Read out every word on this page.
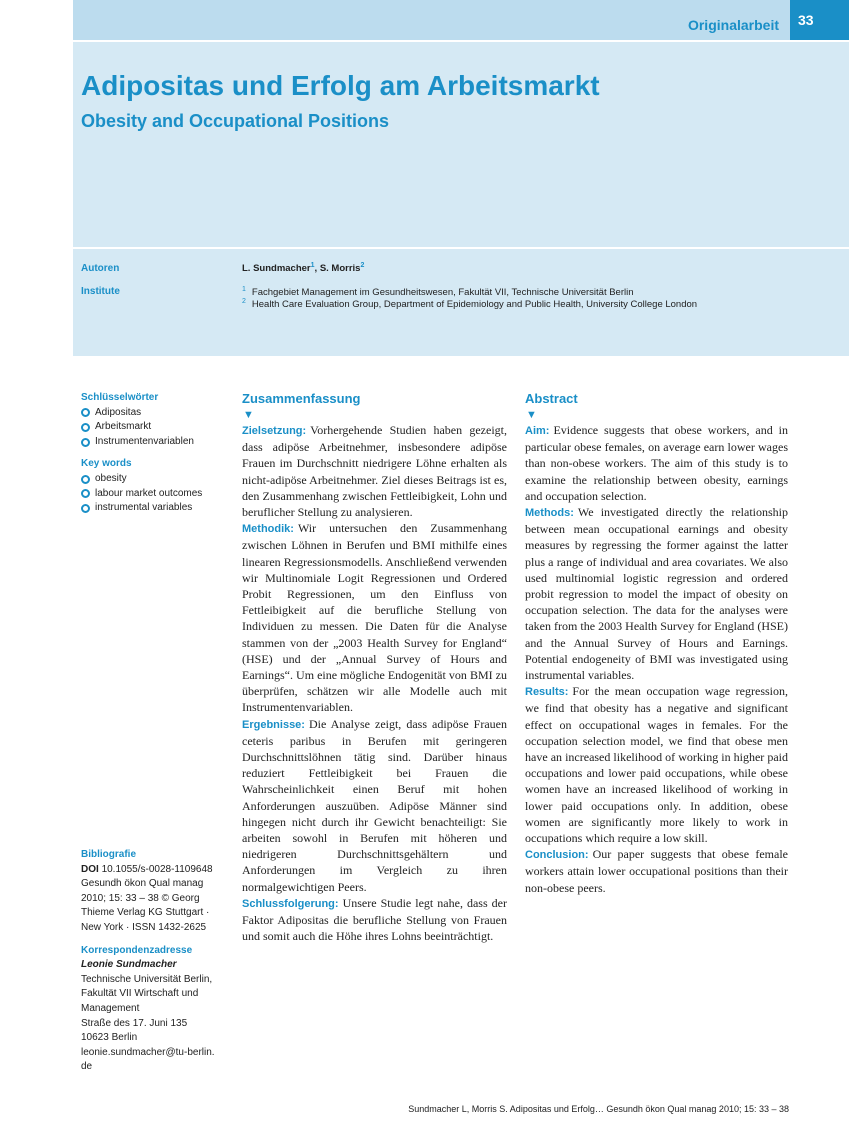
Originalarbeit	33
Adipositas und Erfolg am Arbeitsmarkt
Obesity and Occupational Positions
Autoren	L. Sundmacher$^1$, S. Morris$^2$
Institute	$^1$ Fachgebiet Management im Gesundheitswesen, Fakultät VII, Technische Universität Berlin
$^2$ Health Care Evaluation Group, Department of Epidemiology and Public Health, University College London
Schlüsselwörter
Adipositas
Arbeitsmarkt
Instrumentenvariablen
Key words
obesity
labour market outcomes
instrumental variables
Bibliografie
DOI 10.1055/s-0028-1109648
Gesundh ökon Qual manag
2010; 15: 33 – 38 © Georg
Thieme Verlag KG Stuttgart ·
New York · ISSN 1432-2625
Korrespondenzadresse
Leonie Sundmacher
Technische Universität Berlin,
Fakultät VII Wirtschaft und
Management
Straße des 17. Juni 135
10623 Berlin
leonie.sundmacher@tu-berlin.
de
Zusammenfassung
▼

Zielsetzung: Vorhergehende Studien haben gezeigt, dass adipöse Arbeitnehmer, insbesondere adipöse Frauen im Durchschnitt niedrigere Löhne erhalten als nicht-adipöse Arbeitnehmer. Ziel dieses Beitrags ist es, den Zusammenhang zwischen Fettleibigkeit, Lohn und beruflicher Stellung zu analysieren.

Methodik: Wir untersuchen den Zusammenhang zwischen Löhnen in Berufen und BMI mithilfe eines linearen Regressionsmodells. Anschließend verwenden wir Multinomiale Logit Regressionen und Ordered Probit Regressionen, um den Einfluss von Fettleibigkeit auf die berufliche Stellung von Individuen zu messen. Die Daten für die Analyse stammen von der „2003 Health Survey for England“ (HSE) und der „Annual Survey of Hours and Earnings“. Um eine mögliche Endogenität von BMI zu überprüfen, schätzen wir alle Modelle auch mit Instrumentenvariablen.

Ergebnisse: Die Analyse zeigt, dass adipöse Frauen ceteris paribus in Berufen mit geringeren Durchschnittslöhnen tätig sind. Darüber hinaus reduziert Fettleibigkeit bei Frauen die Wahrscheinlichkeit einen Beruf mit hohen Anforderungen auszuüben. Adipöse Männer sind hingegen nicht durch ihr Gewicht benachteiligt: Sie arbeiten sowohl in Berufen mit höheren und niedrigeren Durchschnittsgehältern und Anforderungen im Vergleich zu ihren normalgewichtigen Peers.

Schlussfolgerung: Unsere Studie legt nahe, dass der Faktor Adipositas die berufliche Stellung von Frauen und somit auch die Höhe ihres Lohns beeinträchtigt.

Abstract
▼

Aim: Evidence suggests that obese workers, and in particular obese females, on average earn lower wages than non-obese workers. The aim of this study is to examine the relationship between obesity, earnings and occupation selection.

Methods: We investigated directly the relationship between mean occupational earnings and obesity measures by regressing the former against the latter plus a range of individual and area covariates. We also used multinomial logistic regression and ordered probit regression to model the impact of obesity on occupation selection. The data for the analyses were taken from the 2003 Health Survey for England (HSE) and the Annual Survey of Hours and Earnings. Potential endogeneity of BMI was investigated using instrumental variables.

Results: For the mean occupation wage regression, we find that obesity has a negative and significant effect on occupational wages in females. For the occupation selection model, we find that obese men have an increased likelihood of working in higher paid occupations and lower paid occupations, while obese women have an increased likelihood of working in lower paid occupations only. In addition, obese women are significantly more likely to work in occupations which require a low skill.

Conclusion: Our paper suggests that obese female workers attain lower occupational positions than their non-obese peers.

Sundmacher L, Morris S. Adipositas und Erfolg… Gesundh ökon Qual manag 2010; 15: 33 – 38
